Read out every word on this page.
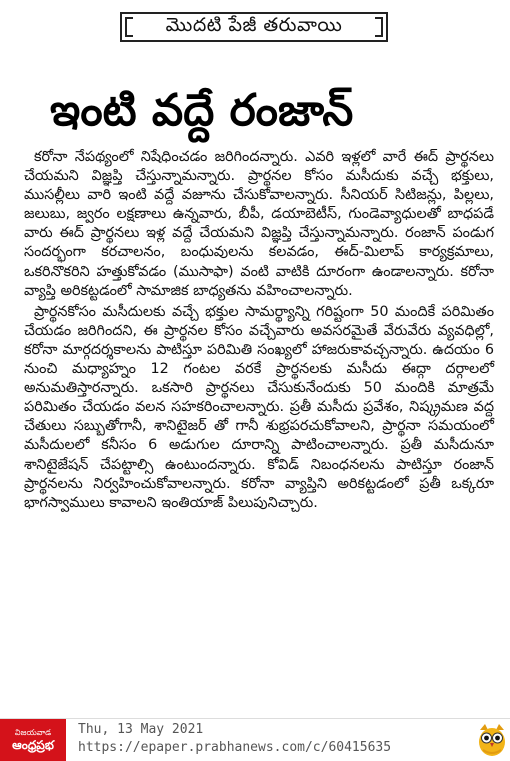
మొదటి పేజీ తరువాయి
ఇంటి వద్దే రంజాన్

కరోనా నేపథ్యంలో నిషేధించడం జరిగిందన్నారు. ఎవరి ఇళ్లలో వారే ఈద్ ప్రార్థనలు చేయమని విజ్ఞప్తి చేస్తున్నామన్నారు. ప్రార్థనల కోసం మసీదుకు వచ్చే భక్తులు, ముసల్లీలు వారి ఇంటి వద్దే వజూను చేసుకోవాలన్నారు. సీనియర్ సిటిజన్లు, పిల్లలు, జలుబు, జ్వరం లక్షణాలు ఉన్నవారు, బీపీ, డయాబెటీస్, గుండెవ్యాధులతో బాధపడే వారు ఈద్ ప్రార్థనలు ఇళ్ల వద్దే చేయమని విజ్ఞప్తి చేస్తున్నామన్నారు. రంజాన్ పండుగ సందర్భంగా కరచాలనం, బంధువులను కలవడం, ఈద్-మిలాప్ కార్యక్రమాలు, ఒకరినొకరిని హత్తుకోవడం (ముసాఫా) వంటి వాటికి దూరంగా ఉండాలన్నారు. కరోనా వ్యాప్తి అరికట్టడంలో సామాజిక బాధ్యతను వహించాలన్నారు.

ప్రార్థనకోసం మసీదులకు వచ్చే భక్తుల సామర్థ్యాన్ని గరిష్టంగా 50 మందికే పరిమితం చేయడం జరిగిందని, ఈ ప్రార్థనల కోసం వచ్చేవారు అవసరమైతే వేరువేరు వ్యవధిల్లో, కరోనా మార్గదర్శకాలను పాటిస్తూ పరిమితి సంఖ్యలో హాజరుకావచ్చన్నారు. ఉదయం 6 నుంచి మధ్యాహ్నం 12 గంటల వరకే ప్రార్థనలకు మసీదు ఈద్గా దర్గాలలో అనుమతిస్తారన్నారు. ఒకసారి ప్రార్థనలు చేసుకునేందుకు 50 మందికి మాత్రమే పరిమితం చేయడం వలన సహకరించాలన్నారు. ప్రతీ మసీదు ప్రవేశం, నిష్క్రమణ వద్ద చేతులు సబ్బుతోగానీ, శానిటైజర్ తో గానీ శుభ్రపరచుకోవాలని, ప్రార్థనా సమయంలో మసీదులలో కనీసం 6 అడుగుల దూరాన్ని పాటించాలన్నారు. ప్రతీ మసీదునూ శానిటైజేషన్ చేపట్టాల్సి ఉంటుందన్నారు. కోవిడ్ నిబంధనలను పాటిస్తూ రంజాన్ ప్రార్థనలను నిర్వహించుకోవాలన్నారు. కరోనా వ్యాప్తిని అరికట్టడంలో ప్రతీ ఒక్కరూ భాగస్వాములు కావాలని ఇంతియాజ్ పిలుపునిచ్చారు.

విజయవాడ
ఆంధ్రప్రభ
Thu, 13 May 2021
https://epaper.prabhanews.com/c/60415635
